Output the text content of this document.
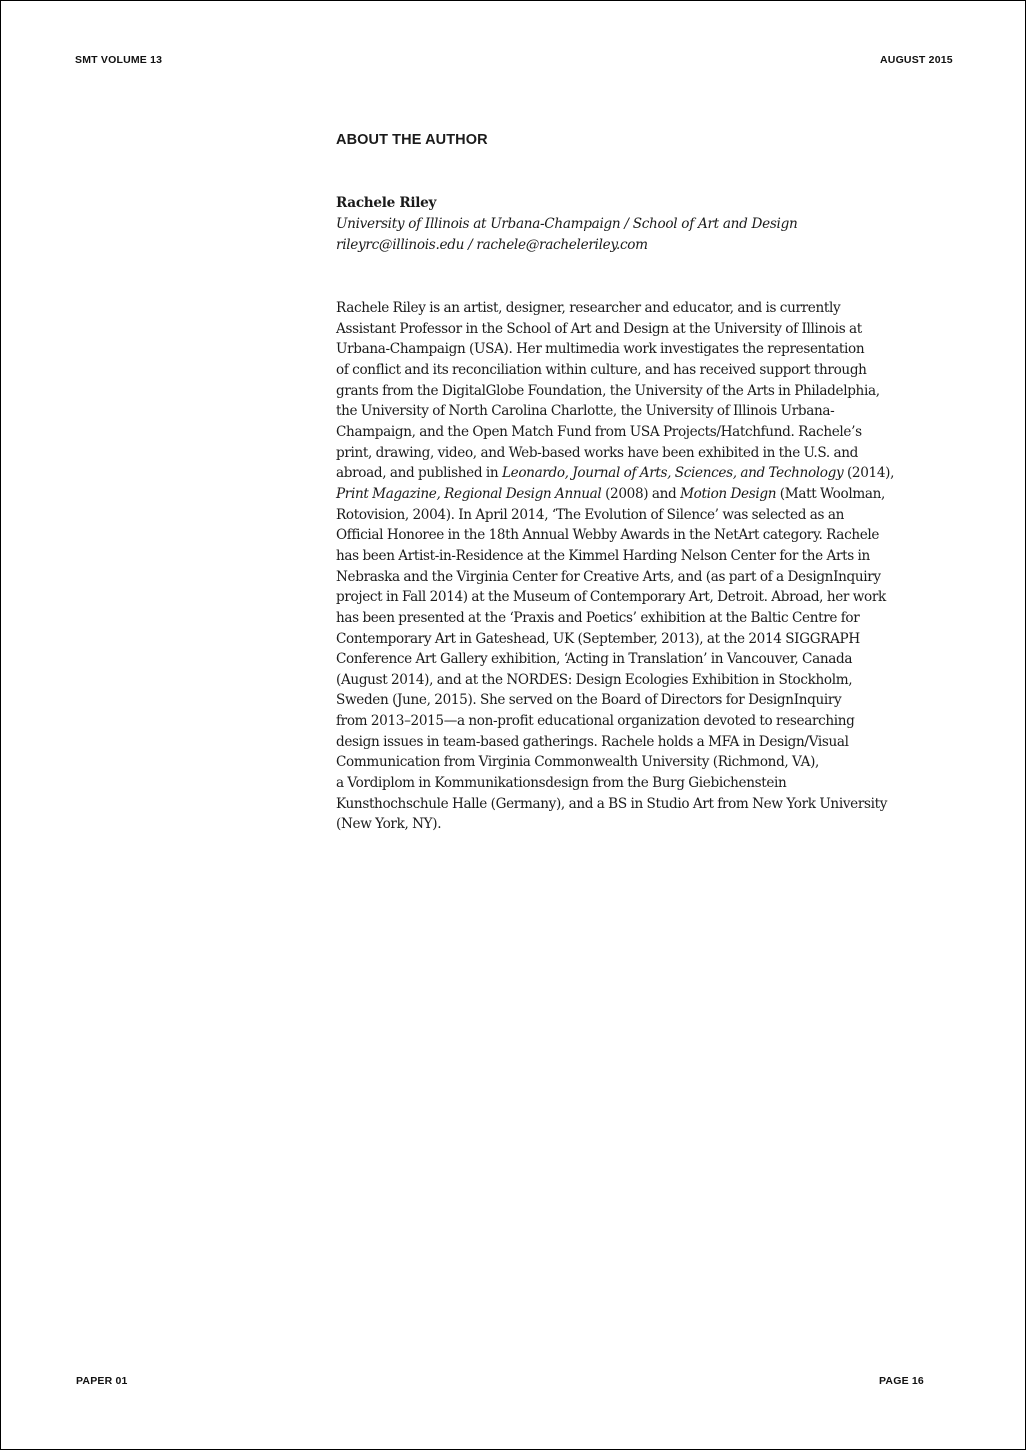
SMT VOLUME 13	AUGUST 2015
ABOUT THE AUTHOR
Rachele Riley
University of Illinois at Urbana-Champaign / School of Art and Design
rileyrc@illinois.edu / rachele@racheleriley.com
Rachele Riley is an artist, designer, researcher and educator, and is currently
Assistant Professor in the School of Art and Design at the University of Illinois at
Urbana-Champaign (USA). Her multimedia work investigates the representation
of conflict and its reconciliation within culture, and has received support through
grants from the DigitalGlobe Foundation, the University of the Arts in Philadelphia,
the University of North Carolina Charlotte, the University of Illinois Urbana-
Champaign, and the Open Match Fund from USA Projects/Hatchfund. Rachele’s
print, drawing, video, and Web-based works have been exhibited in the U.S. and
abroad, and published in Leonardo, Journal of Arts, Sciences, and Technology (2014),
Print Magazine, Regional Design Annual (2008) and Motion Design (Matt Woolman,
Rotovision, 2004). In April 2014, ‘The Evolution of Silence’ was selected as an
Official Honoree in the 18th Annual Webby Awards in the NetArt category. Rachele
has been Artist-in-Residence at the Kimmel Harding Nelson Center for the Arts in
Nebraska and the Virginia Center for Creative Arts, and (as part of a DesignInquiry
project in Fall 2014) at the Museum of Contemporary Art, Detroit. Abroad, her work
has been presented at the ‘Praxis and Poetics’ exhibition at the Baltic Centre for
Contemporary Art in Gateshead, UK (September, 2013), at the 2014 SIGGRAPH
Conference Art Gallery exhibition, ‘Acting in Translation’ in Vancouver, Canada
(August 2014), and at the NORDES: Design Ecologies Exhibition in Stockholm,
Sweden (June, 2015). She served on the Board of Directors for DesignInquiry
from 2013–2015—a non-profit educational organization devoted to researching
design issues in team-based gatherings. Rachele holds a MFA in Design/Visual
Communication from Virginia Commonwealth University (Richmond, VA),
a Vordiplom in Kommunikationsdesign from the Burg Giebichenstein
Kunsthochschule Halle (Germany), and a BS in Studio Art from New York University
(New York, NY).
PAPER 01	PAGE 16
